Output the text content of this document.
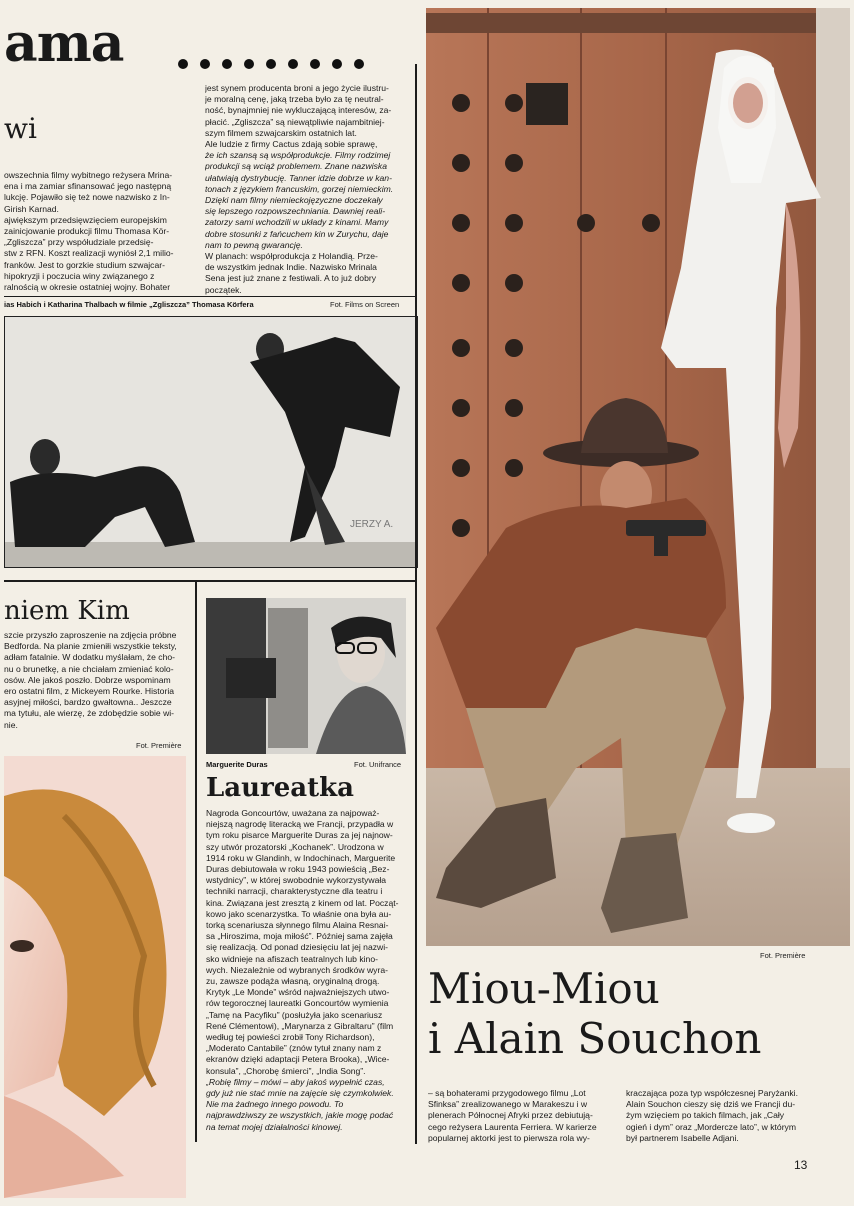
ama
wi
owszechnia filmy wybitnego reżysera Mrina-
ena i ma zamiar sfinansować jego następną
lukcję. Pojawiło się też nowe nazwisko z In-
Girish Karnad.
ajwiększym przedsięwzięciem europejskim
zainicjowanie produkcji filmu Thomasa Kör-
„Zgliszcza” przy współudziale przedsię-
stw z RFN. Koszt realizacji wyniósł 2,1 milio-
franków. Jest to gorzkie studium szwajcar-
hipokryzji i poczucia winy związanego z
ralnością w okresie ostatniej wojny. Bohater
jest synem producenta broni a jego życie ilustru-
je moralną cenę, jaką trzeba było za tę neutral-
ność, bynajmniej nie wykluczającą interesów, za-
płacić. „Zgliszcza” są niewątpliwie najambitniej-
szym filmem szwajcarskim ostatnich lat.
Ale ludzie z firmy Cactus zdają sobie sprawę,
że ich szansą są współprodukcje. Filmy rodzimej
produkcji są wciąż problemem. Znane nazwiska
ułatwiają dystrybucję. Tanner idzie dobrze w kan-
tonach z językiem francuskim, gorzej niemieckim.
Dzięki nam filmy niemieckojęzyczne doczekały
się lepszego rozpowszechniania. Dawniej reali-
zatorzy sami wchodzili w układy z kinami. Mamy
dobre stosunki z fańcuchem kin w Zurychu, daje
nam to pewną gwarancję.
W planach: współprodukcja z Holandią. Prze-
de wszystkim jednak Indie. Nazwisko Mrinala
Sena jest już znane z festiwali. A to już dobry
początek.
ias Habich i Katharina Thalbach w filmie „Zgliszcza” Thomasa Körfera	Fot. Films on Screen
JERZY A.
niem Kim
szcie przyszło zaproszenie na zdjęcia próbne
Bedforda. Na planie zmieniłi wszystkie teksty,
adłam fatalnie. W dodatku myślałam, że cho-
nu o brunetkę, a nie chciałam zmieniać kolo-
osów. Ale jakoś poszło. Dobrze wspominam
ero ostatni film, z Mickeyem Rourke. Historia
asyjnej miłości, bardzo gwałtowna.. Jeszcze
ma tytułu, ale wierzę, że zdobędzie sobie wi-
nie.
Fot. Première
Marguerite Duras	Fot. Unifrance
Laureatka
Nagroda Goncourtów, uważana za najpoważ-
niejszą nagrodę literacką we Francji, przypadła w
tym roku pisarce Marguerite Duras za jej najnow-
szy utwór prozatorski „Kochanek”. Urodzona w
1914 roku w Glandinh, w Indochinach, Marguerite
Duras debiutowała w roku 1943 powieścią „Bez-
wstydnicy”, w której swobodnie wykorzystywała
techniki narracji, charakterystyczne dla teatru i
kina. Związana jest zresztą z kinem od lat. Począt-
kowo jako scenarzystka. To właśnie ona była au-
torką scenariusza słynnego filmu Alaina Resnai-
sa „Hiroszima, moja miłość”. Później sama zajęła
się realizacją. Od ponad dziesięciu lat jej nazwi-
sko widnieje na afiszach teatralnych lub kino-
wych. Niezależnie od wybranych środków wyra-
zu, zawsze podąża własną, oryginalną drogą.
Krytyk „Le Monde” wśród najważniejszych utwo-
rów tegorocznej laureatki Goncourtów wymienia
„Tamę na Pacyfiku” (posłużyła jako scenariusz
René Clémentowi), „Marynarza z Gibraltaru” (film
według tej powieści zrobił Tony Richardson),
„Moderato Cantabile” (znów tytuł znany nam z
ekranów dzięki adaptacji Petera Brooka), „Wice-
konsula”, „Chorobę śmierci”, „India Song”.
„Robię filmy – mówi – aby jakoś wypełnić czas,
gdy już nie stać mnie na zajęcie się czymkolwiek.
Nie ma żadnego innego powodu. To
najprawdziwszy ze wszystkich, jakie mogę podać
na temat mojej działalności kinowej.
Fot. Première
Miou-Miou
i Alain Souchon
– są bohaterami przygodowego filmu „Lot
Sfinksa” zrealizowanego w Marakeszu i w
plenerach Północnej Afryki przez debiutują-
cego reżysera Laurenta Ferriera. W karierze
popularnej aktorki jest to pierwsza rola wy-
kraczająca poza typ współczesnej Paryżanki.
Alain Souchon cieszy się dziś we Francji du-
żym wzięciem po takich filmach, jak „Cały
ogień i dym” oraz „Mordercze lato”, w którym
był partnerem Isabelle Adjani.
13
